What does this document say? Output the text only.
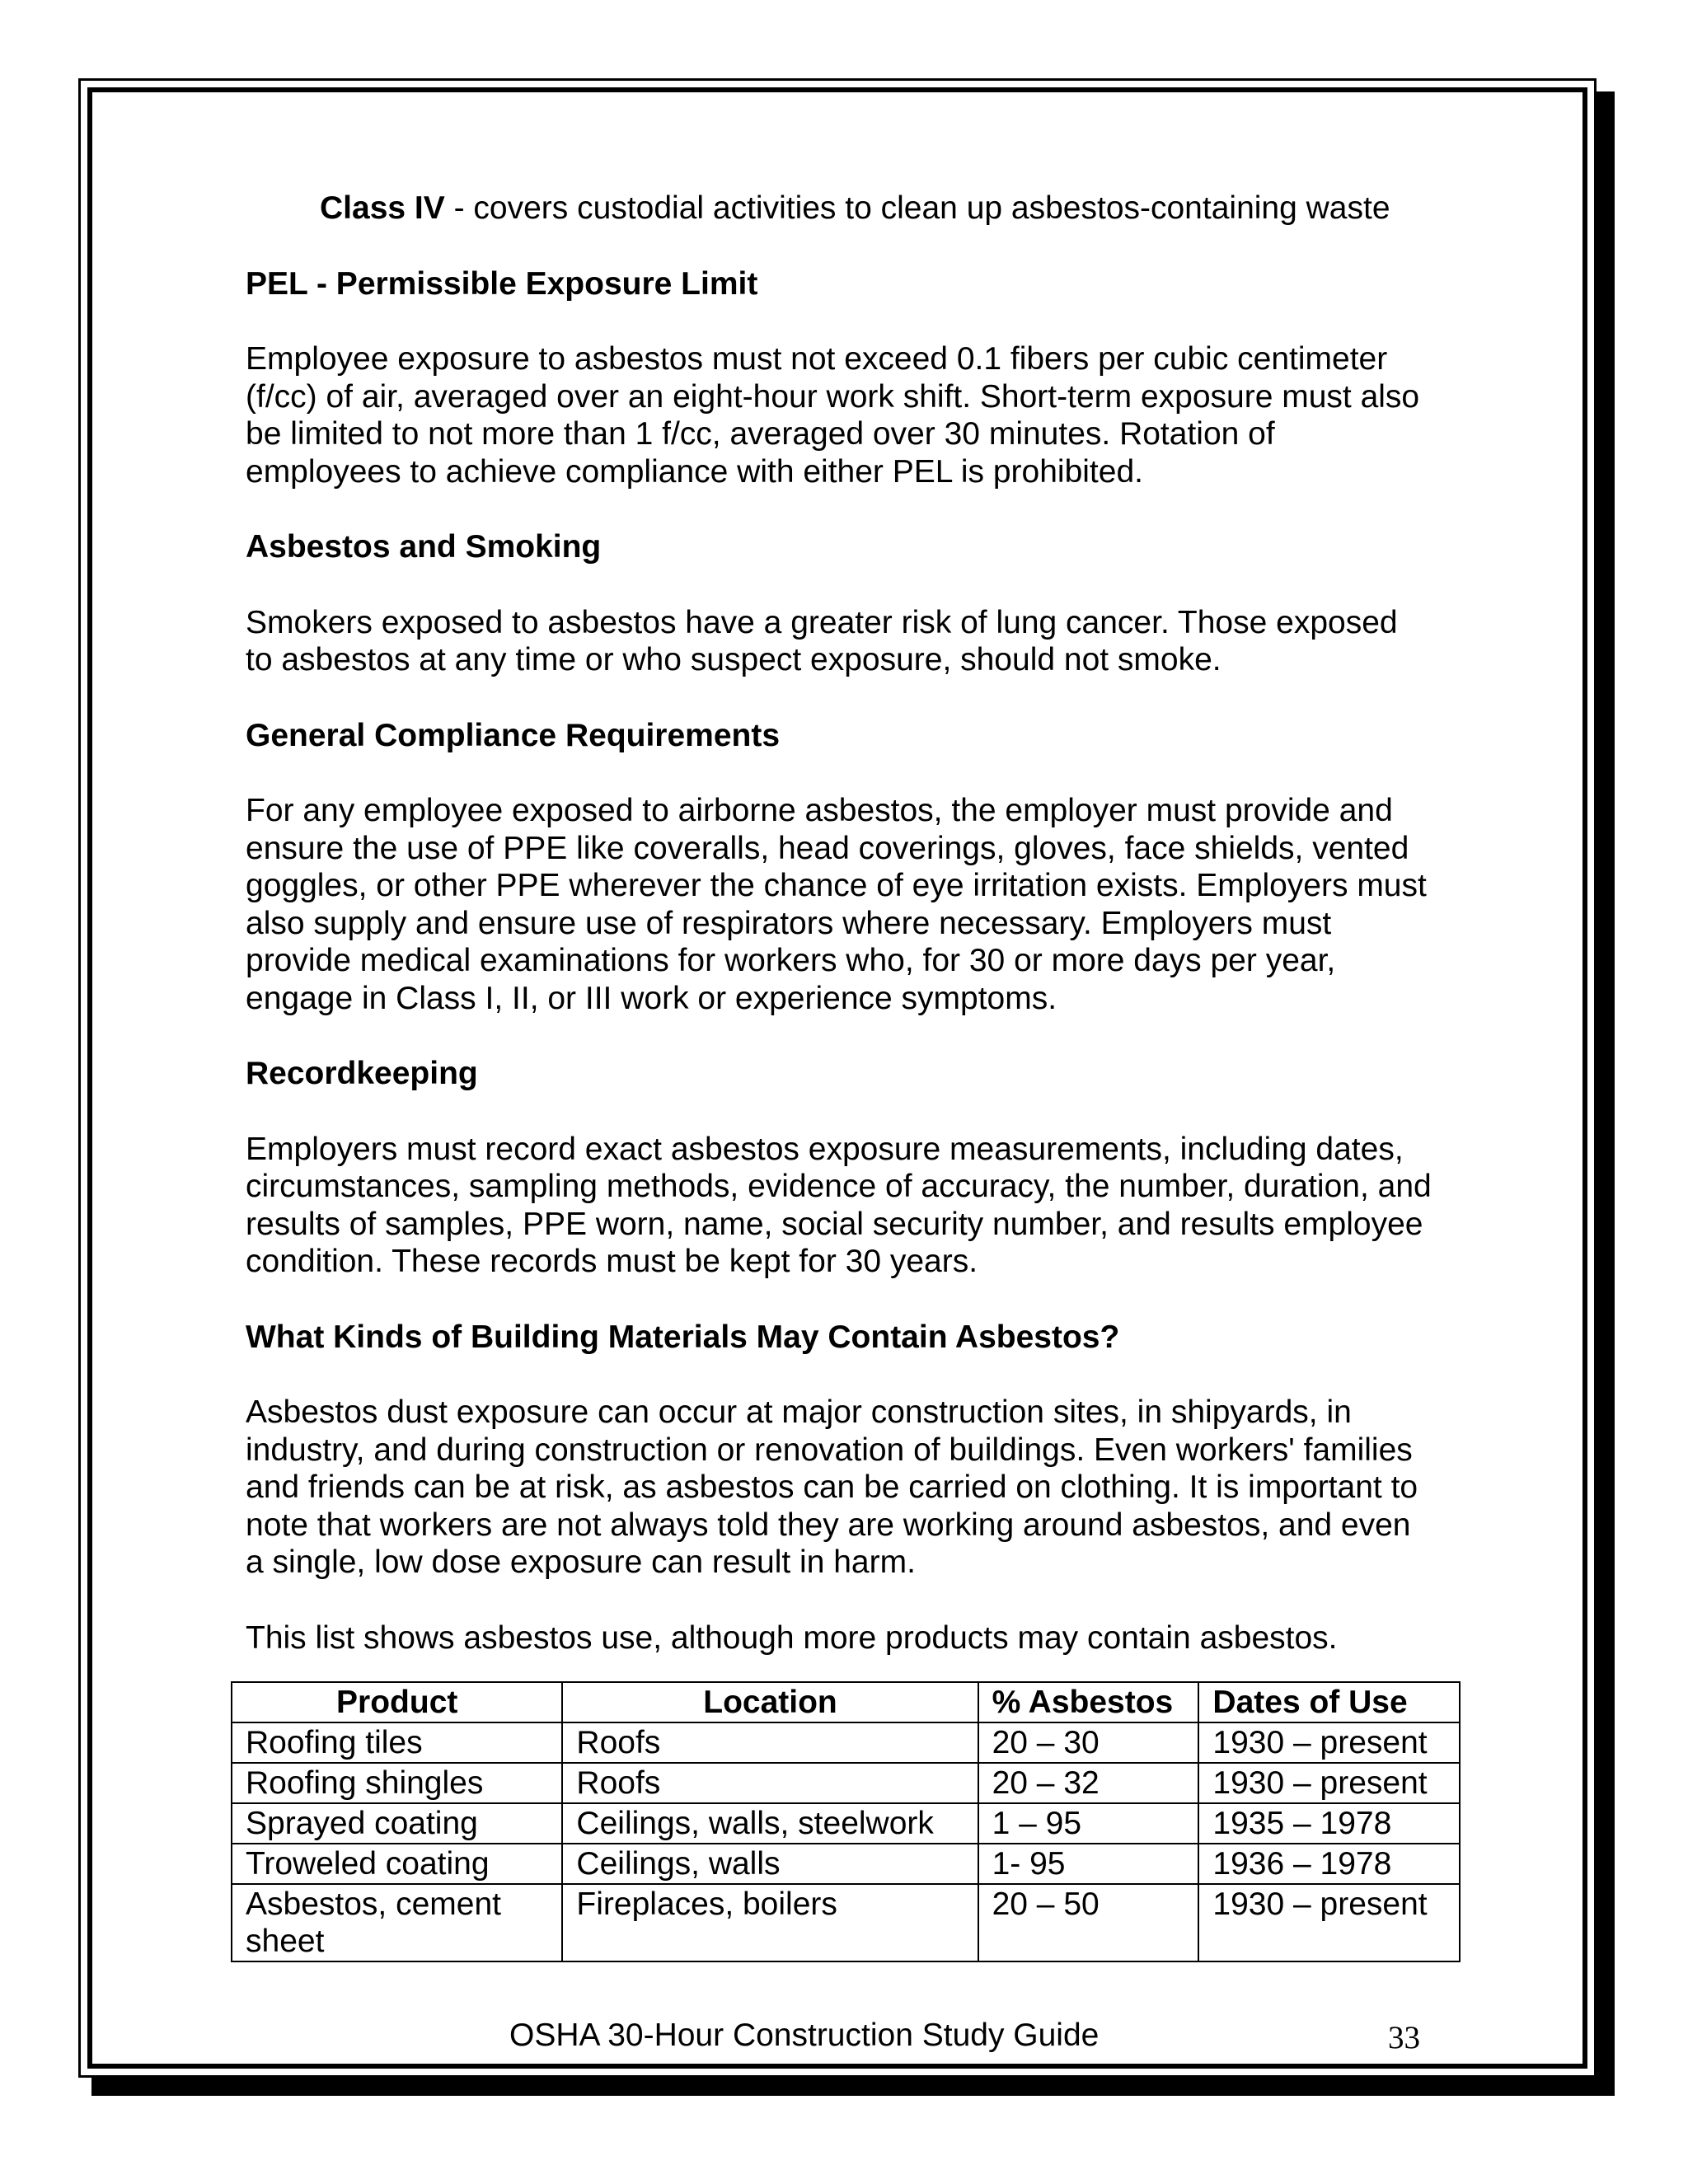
Class IV - covers custodial activities to clean up asbestos-containing waste
PEL - Permissible Exposure Limit

Employee exposure to asbestos must not exceed 0.1 fibers per cubic centimeter (f/cc) of air, averaged over an eight-hour work shift. Short-term exposure must also be limited to not more than 1 f/cc, averaged over 30 minutes. Rotation of employees to achieve compliance with either PEL is prohibited.

Asbestos and Smoking

Smokers exposed to asbestos have a greater risk of lung cancer. Those exposed to asbestos at any time or who suspect exposure, should not smoke.

General Compliance Requirements

For any employee exposed to airborne asbestos, the employer must provide and ensure the use of PPE like coveralls, head coverings, gloves, face shields, vented goggles, or other PPE wherever the chance of eye irritation exists. Employers must also supply and ensure use of respirators where necessary. Employers must provide medical examinations for workers who, for 30 or more days per year, engage in Class I, II, or III work or experience symptoms.

Recordkeeping

Employers must record exact asbestos exposure measurements, including dates, circumstances, sampling methods, evidence of accuracy, the number, duration, and results of samples, PPE worn, name, social security number, and results employee condition. These records must be kept for 30 years.

What Kinds of Building Materials May Contain Asbestos?

Asbestos dust exposure can occur at major construction sites, in shipyards, in industry, and during construction or renovation of buildings. Even workers' families and friends can be at risk, as asbestos can be carried on clothing. It is important to note that workers are not always told they are working around asbestos, and even a single, low dose exposure can result in harm.

This list shows asbestos use, although more products may contain asbestos.

Product	Location	% Asbestos	Dates of Use
Roofing tiles	Roofs	20 – 30	1930 – present
Roofing shingles	Roofs	20 – 32	1930 – present
Sprayed coating	Ceilings, walls, steelwork	1 – 95	1935 – 1978
Troweled coating	Ceilings, walls	1- 95	1936 – 1978
Asbestos, cement sheet	Fireplaces, boilers	20 – 50	1930 – present
OSHA 30-Hour Construction Study Guide	33
